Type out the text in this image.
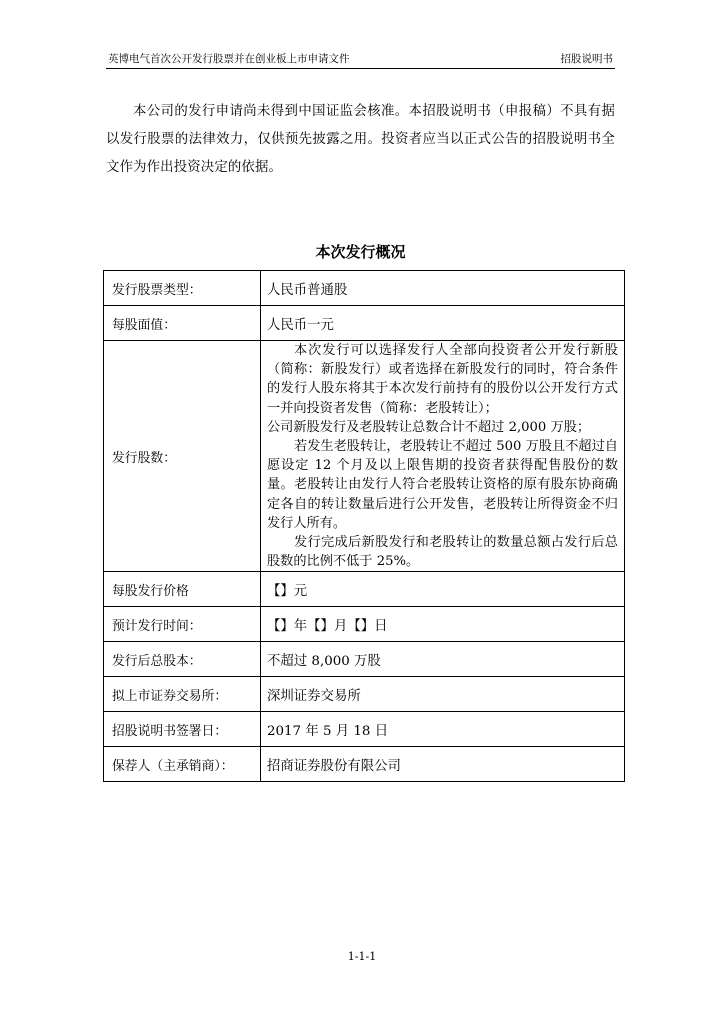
英博电气首次公开发行股票并在创业板上市申请文件	招股说明书
本公司的发行申请尚未得到中国证监会核准。本招股说明书（申报稿）不具有据以发行股票的法律效力，仅供预先披露之用。投资者应当以正式公告的招股说明书全文作为作出投资决定的依据。
本次发行概况
发行股票类型：	人民币普通股
每股面值：	人民币一元
发行股数：	本次发行可以选择发行人全部向投资者公开发行新股（简称：新股发行）或者选择在新股发行的同时，符合条件的发行人股东将其于本次发行前持有的股份以公开发行方式一并向投资者发售（简称：老股转让）；
公司新股发行及老股转让总数合计不超过 2,000 万股；
若发生老股转让，老股转让不超过 500 万股且不超过自愿设定 12 个月及以上限售期的投资者获得配售股份的数量。老股转让由发行人符合老股转让资格的原有股东协商确定各自的转让数量后进行公开发售，老股转让所得资金不归发行人所有。
发行完成后新股发行和老股转让的数量总额占发行后总股数的比例不低于 25%。

每股发行价格	【】元
预计发行时间：	【】年【】月【】日
发行后总股本：	不超过 8,000 万股
拟上市证券交易所：	深圳证券交易所
招股说明书签署日：	2017 年 5 月 18 日
保荐人（主承销商）：	招商证券股份有限公司
1-1-1
